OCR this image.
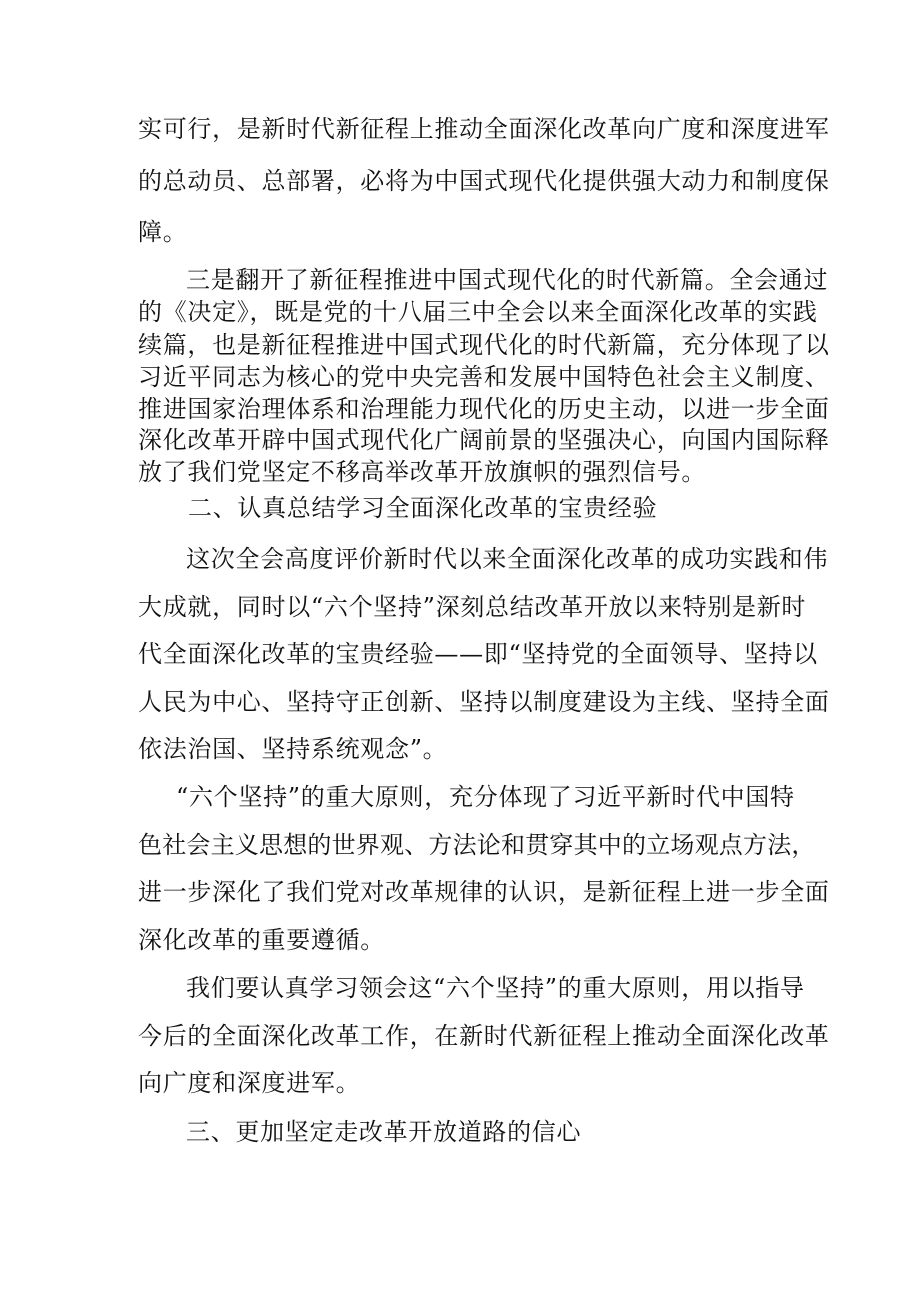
实可行，是新时代新征程上推动全面深化改革向广度和深度进军
的总动员、总部署，必将为中国式现代化提供强大动力和制度保
障。
三是翻开了新征程推进中国式现代化的时代新篇。全会通过
的《决定》，既是党的十八届三中全会以来全面深化改革的实践
续篇，也是新征程推进中国式现代化的时代新篇，充分体现了以
习近平同志为核心的党中央完善和发展中国特色社会主义制度、
推进国家治理体系和治理能力现代化的历史主动，以进一步全面
深化改革开辟中国式现代化广阔前景的坚强决心，向国内国际释
放了我们党坚定不移高举改革开放旗帜的强烈信号。
二、认真总结学习全面深化改革的宝贵经验
这次全会高度评价新时代以来全面深化改革的成功实践和伟
大成就，同时以“六个坚持”深刻总结改革开放以来特别是新时
代全面深化改革的宝贵经验——即“坚持党的全面领导、坚持以
人民为中心、坚持守正创新、坚持以制度建设为主线、坚持全面
依法治国、坚持系统观念”。
“六个坚持”的重大原则，充分体现了习近平新时代中国特
色社会主义思想的世界观、方法论和贯穿其中的立场观点方法，
进一步深化了我们党对改革规律的认识，是新征程上进一步全面
深化改革的重要遵循。
我们要认真学习领会这“六个坚持”的重大原则，用以指导
今后的全面深化改革工作，在新时代新征程上推动全面深化改革
向广度和深度进军。
三、更加坚定走改革开放道路的信心
